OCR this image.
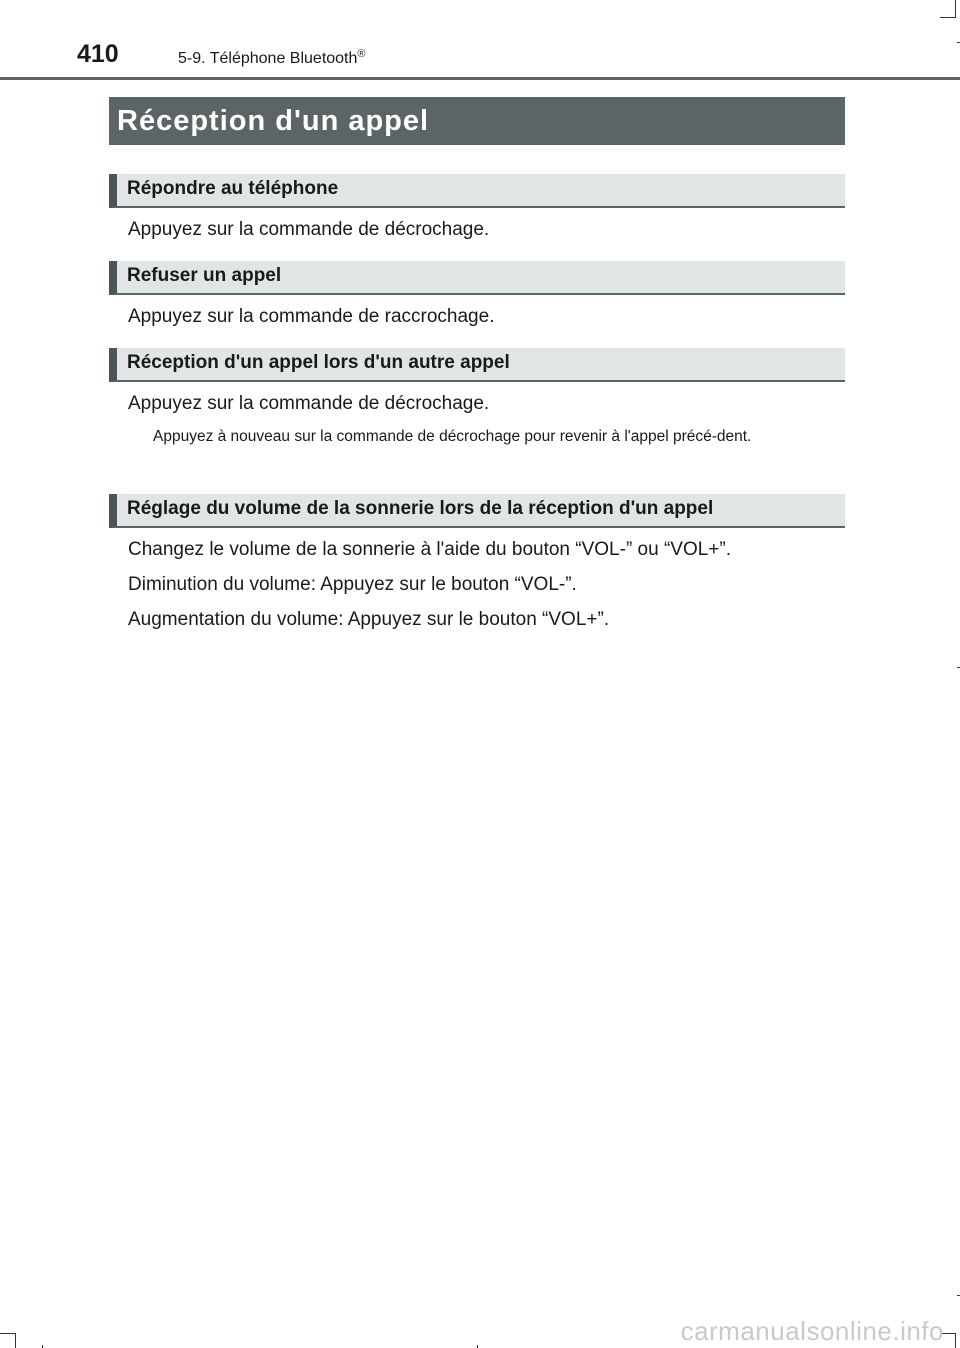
410	5-9. Téléphone Bluetooth®
Réception d'un appel
Répondre au téléphone
Appuyez sur la commande de décrochage.
Refuser un appel
Appuyez sur la commande de raccrochage.
Réception d'un appel lors d'un autre appel
Appuyez sur la commande de décrochage.
Appuyez à nouveau sur la commande de décrochage pour revenir à l'appel précé-dent.
Réglage du volume de la sonnerie lors de la réception d'un appel
Changez le volume de la sonnerie à l'aide du bouton “VOL-” ou “VOL+”.
Diminution du volume: Appuyez sur le bouton “VOL-”.
Augmentation du volume: Appuyez sur le bouton “VOL+”.
carmanualsonline.info
